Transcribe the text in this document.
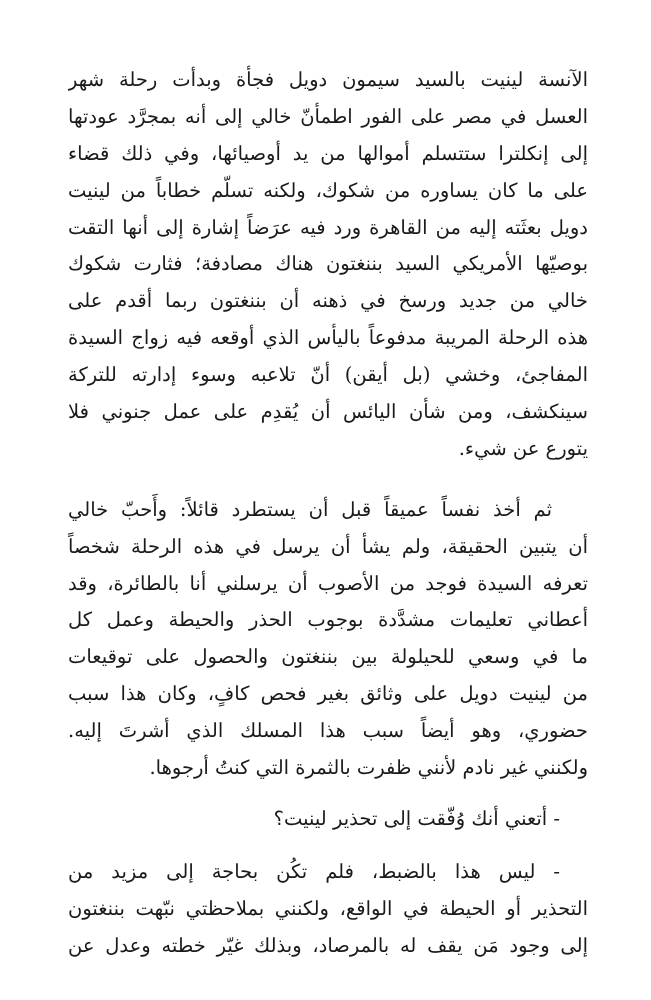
الآنسة لينيت بالسيد سيمون دويل فجأة وبدأت رحلة شهر
العسل في مصر على الفور اطمأنّ خالي إلى أنه بمجرَّد عودتها
إلى إنكلترا ستتسلم أموالها من يد أوصيائها، وفي ذلك قضاء
على ما كان يساوره من شكوك، ولكنه تسلّم خطاباً من لينيت
دويل بعثَته إليه من القاهرة ورد فيه عرَضاً إشارة إلى أنها التقت
بوصيّها الأمريكي السيد بننغتون هناك مصادفة؛ فثارت شكوك
خالي من جديد ورسخ في ذهنه أن بننغتون ربما أقدم على
هذه الرحلة المريبة مدفوعاً باليأس الذي أوقعه فيه زواج السيدة
المفاجئ، وخشي (بل أيقن) أنّ تلاعبه وسوء إدارته للتركة
سينكشف، ومن شأن اليائس أن يُقدِم على عمل جنوني فلا
يتورع عن شيء.
ثم أخذ نفساً عميقاً قبل أن يستطرد قائلاً: وأَحبّ خالي
أن يتبين الحقيقة، ولم يشأ أن يرسل في هذه الرحلة شخصاً
تعرفه السيدة فوجد من الأصوب أن يرسلني أنا بالطائرة، وقد
أعطاني تعليمات مشدَّدة بوجوب الحذر والحيطة وعمل كل
ما في وسعي للحيلولة بين بننغتون والحصول على توقيعات
من لينيت دويل على وثائق بغير فحص كافٍ، وكان هذا سبب
حضوري، وهو أيضاً سبب هذا المسلك الذي أشرتَ إليه.
ولكنني غير نادم لأنني ظفرت بالثمرة التي كنتُ أرجوها.
- أتعني أنك وُفّقت إلى تحذير لينيت؟
- ليس هذا بالضبط، فلم تكُن بحاجة إلى مزيد من
التحذير أو الحيطة في الواقع، ولكنني بملاحظتي نبّهت بننغتون
إلى وجود مَن يقف له بالمرصاد، وبذلك غيّر خطته وعدل عن
